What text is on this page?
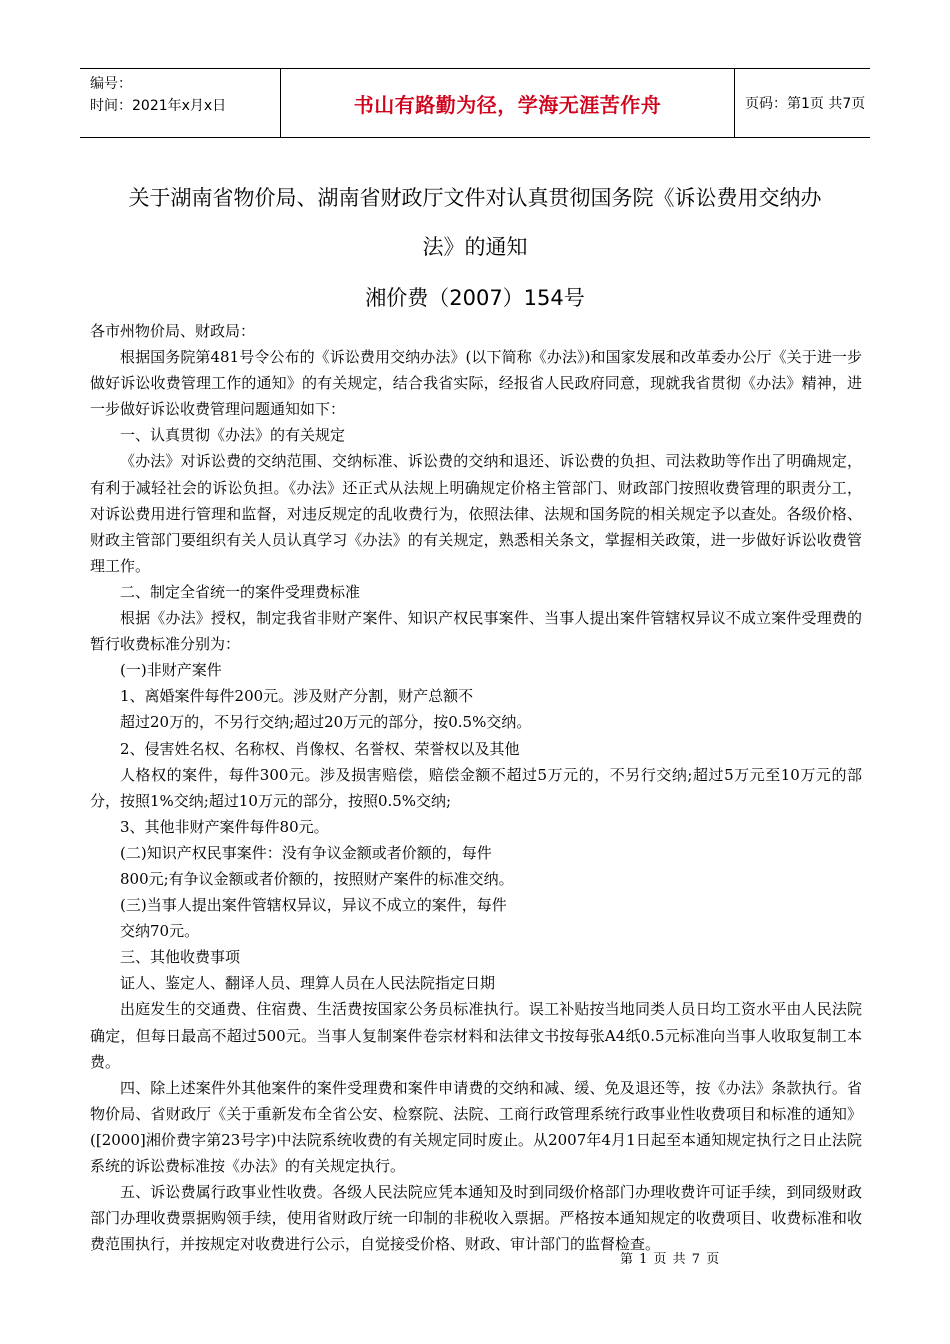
编号：
时间：2021年x月x日	书山有路勤为径，学海无涯苦作舟	页码：第1页 共7页
关于湖南省物价局、湖南省财政厅文件对认真贯彻国务院《诉讼费用交纳办
法》的通知
湘价费（2007）154号

各市州物价局、财政局：

根据国务院第481号令公布的《诉讼费用交纳办法》(以下简称《办法》)和国家发展和改革委办公厅《关于进一步做好诉讼收费管理工作的通知》的有关规定，结合我省实际，经报省人民政府同意，现就我省贯彻《办法》精神，进一步做好诉讼收费管理问题通知如下：

一、认真贯彻《办法》的有关规定

《办法》对诉讼费的交纳范围、交纳标准、诉讼费的交纳和退还、诉讼费的负担、司法救助等作出了明确规定，有利于减轻社会的诉讼负担。《办法》还正式从法规上明确规定价格主管部门、财政部门按照收费管理的职责分工，对诉讼费用进行管理和监督，对违反规定的乱收费行为，依照法律、法规和国务院的相关规定予以查处。各级价格、财政主管部门要组织有关人员认真学习《办法》的有关规定，熟悉相关条文，掌握相关政策，进一步做好诉讼收费管理工作。

二、制定全省统一的案件受理费标准

根据《办法》授权，制定我省非财产案件、知识产权民事案件、当事人提出案件管辖权异议不成立案件受理费的暂行收费标准分别为：

(一)非财产案件

1、离婚案件每件200元。涉及财产分割，财产总额不

超过20万的，不另行交纳;超过20万元的部分，按0.5%交纳。

2、侵害姓名权、名称权、肖像权、名誉权、荣誉权以及其他

人格权的案件，每件300元。涉及损害赔偿，赔偿金额不超过5万元的，不另行交纳;超过5万元至10万元的部分，按照1%交纳;超过10万元的部分，按照0.5%交纳;

3、其他非财产案件每件80元。

(二)知识产权民事案件：没有争议金额或者价额的，每件

800元;有争议金额或者价额的，按照财产案件的标准交纳。

(三)当事人提出案件管辖权异议，异议不成立的案件，每件

交纳70元。

三、其他收费事项

证人、鉴定人、翻译人员、理算人员在人民法院指定日期

出庭发生的交通费、住宿费、生活费按国家公务员标准执行。误工补贴按当地同类人员日均工资水平由人民法院确定，但每日最高不超过500元。当事人复制案件卷宗材料和法律文书按每张A4纸0.5元标准向当事人收取复制工本费。

四、除上述案件外其他案件的案件受理费和案件申请费的交纳和减、缓、免及退还等，按《办法》条款执行。省物价局、省财政厅《关于重新发布全省公安、检察院、法院、工商行政管理系统行政事业性收费项目和标准的通知》([2000]湘价费字第23号字)中法院系统收费的有关规定同时废止。从2007年4月1日起至本通知规定执行之日止法院系统的诉讼费标准按《办法》的有关规定执行。

五、诉讼费属行政事业性收费。各级人民法院应凭本通知及时到同级价格部门办理收费许可证手续，到同级财政部门办理收费票据购领手续，使用省财政厅统一印制的非税收入票据。严格按本通知规定的收费项目、收费标准和收费范围执行，并按规定对收费进行公示，自觉接受价格、财政、审计部门的监督检查。

第 1 页 共 7 页
